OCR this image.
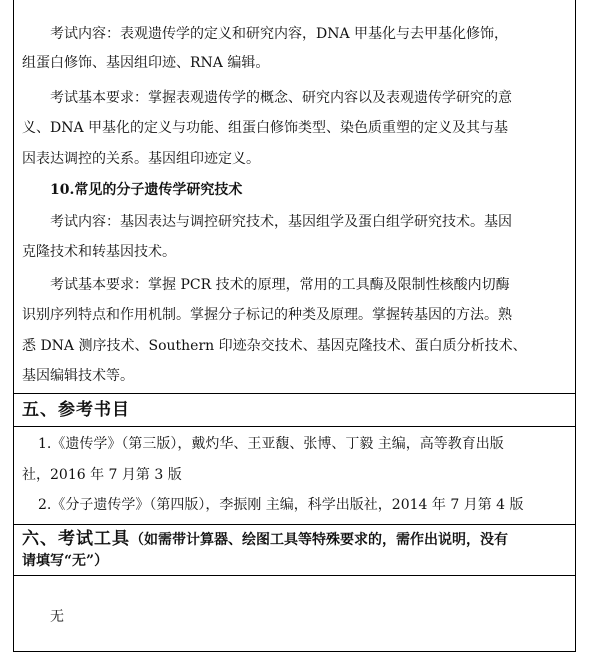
考试内容：表观遗传学的定义和研究内容，DNA 甲基化与去甲基化修饰，
组蛋白修饰、基因组印迹、RNA 编辑。
考试基本要求：掌握表观遗传学的概念、研究内容以及表观遗传学研究的意
义、DNA 甲基化的定义与功能、组蛋白修饰类型、染色质重塑的定义及其与基
因表达调控的关系。基因组印迹定义。
10.常见的分子遗传学研究技术
考试内容：基因表达与调控研究技术，基因组学及蛋白组学研究技术。基因
克隆技术和转基因技术。
考试基本要求：掌握 PCR 技术的原理，常用的工具酶及限制性核酸内切酶
识别序列特点和作用机制。掌握分子标记的种类及原理。掌握转基因的方法。熟
悉 DNA 测序技术、Southern 印迹杂交技术、基因克隆技术、蛋白质分析技术、
基因编辑技术等。
五、参考书目
1.《遗传学》（第三版），戴灼华、王亚馥、张博、丁毅 主编，高等教育出版
社，2016 年 7 月第 3 版
2.《分子遗传学》（第四版），李振刚 主编，科学出版社，2014 年 7 月第 4 版
六、考试工具（如需带计算器、绘图工具等特殊要求的，需作出说明，没有
请填写“无”）
无
